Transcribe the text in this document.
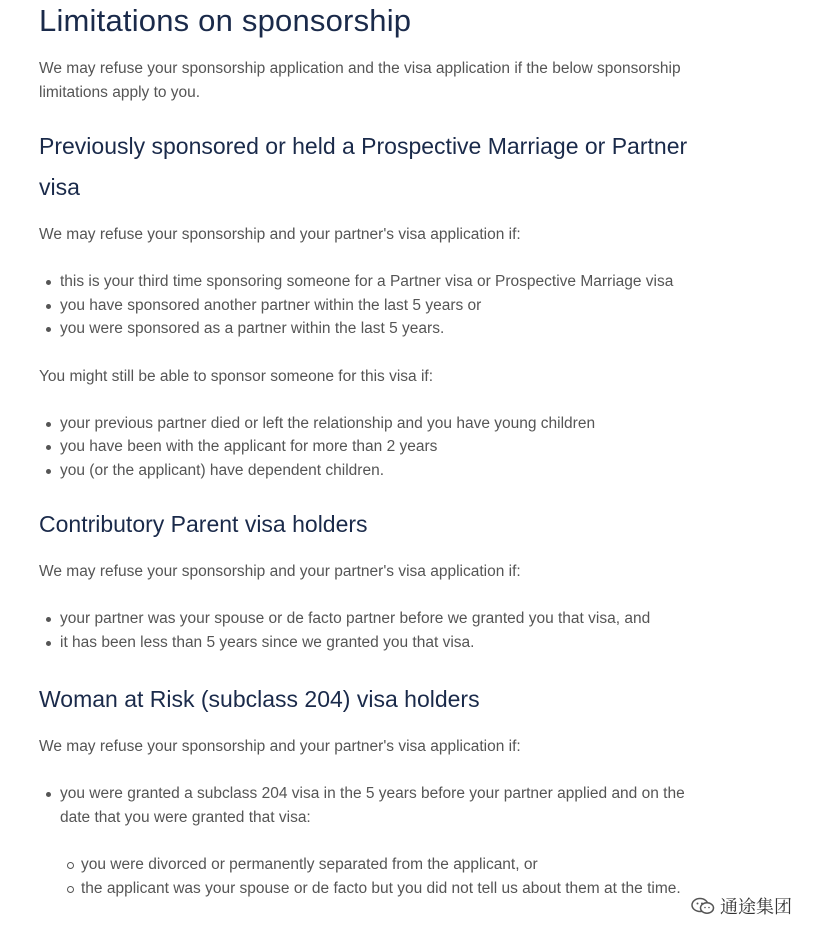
Limitations on sponsorship

We may refuse your sponsorship application and the visa application if the below sponsorship limitations apply to you.

Previously sponsored or held a Prospective Marriage or Partner
visa

We may refuse your sponsorship and your partner's visa application if:

this is your third time sponsoring someone for a Partner visa or Prospective Marriage visa
you have sponsored another partner within the last 5 years or
you were sponsored as a partner within the last 5 years.

You might still be able to sponsor someone for this visa if:

your previous partner died or left the relationship and you have young children
you have been with the applicant for more than 2 years
you (or the applicant) have dependent children.
Contributory Parent visa holders

We may refuse your sponsorship and your partner's visa application if:

your partner was your spouse or de facto partner before we granted you that visa, and
it has been less than 5 years since we granted you that visa.
Woman at Risk (subclass 204) visa holders

We may refuse your sponsorship and your partner's visa application if:

you were granted a subclass 204 visa in the 5 years before your partner applied and on the
date that you were granted that visa:
you were divorced or permanently separated from the applicant, or
the applicant was your spouse or de facto but you did not tell us about them at the time.
通途集团
